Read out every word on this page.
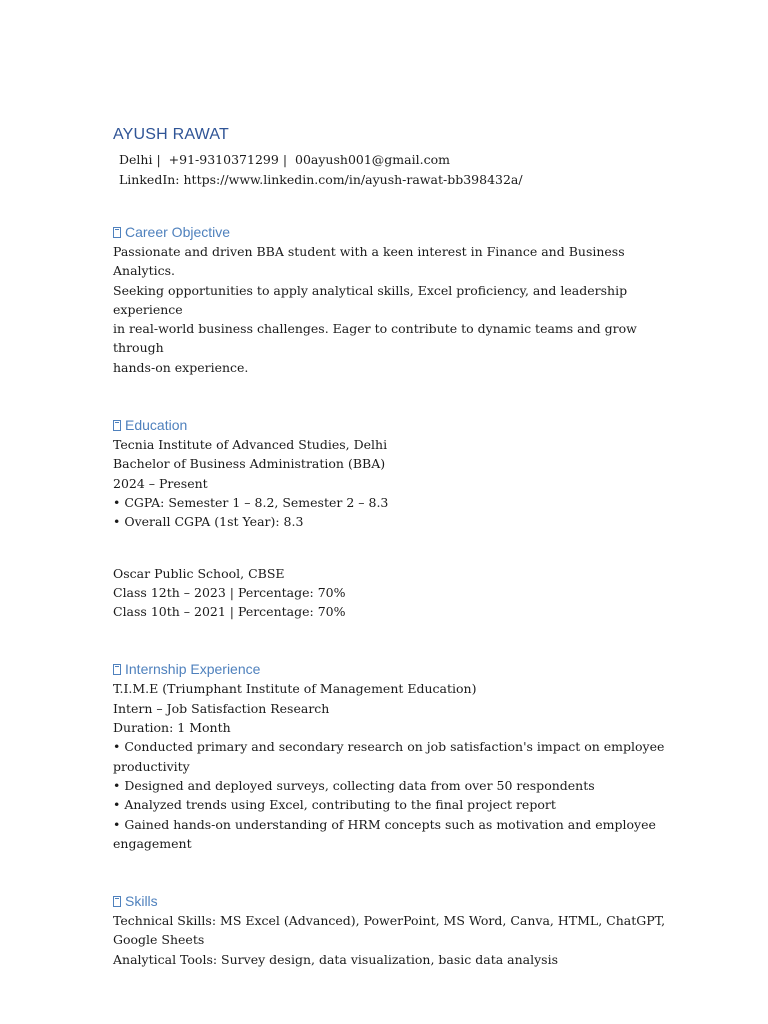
AYUSH RAWAT
Delhi | +91-9310371299 | 00ayush001@gmail.com
LinkedIn: https://www.linkedin.com/in/ayush-rawat-bb398432a/
Career Objective

Passionate and driven BBA student with a keen interest in Finance and Business Analytics.

Seeking opportunities to apply analytical skills, Excel proficiency, and leadership experience

in real-world business challenges. Eager to contribute to dynamic teams and grow through

hands-on experience.

Education

Tecnia Institute of Advanced Studies, Delhi

Bachelor of Business Administration (BBA)

2024 – Present

• CGPA: Semester 1 – 8.2, Semester 2 – 8.3

• Overall CGPA (1st Year): 8.3

Oscar Public School, CBSE

Class 12th – 2023 | Percentage: 70%

Class 10th – 2021 | Percentage: 70%

Internship Experience

T.I.M.E (Triumphant Institute of Management Education)

Intern – Job Satisfaction Research

Duration: 1 Month

• Conducted primary and secondary research on job satisfaction's impact on employee

productivity

• Designed and deployed surveys, collecting data from over 50 respondents

• Analyzed trends using Excel, contributing to the final project report

• Gained hands-on understanding of HRM concepts such as motivation and employee

engagement

Skills

Technical Skills: MS Excel (Advanced), PowerPoint, MS Word, Canva, HTML, ChatGPT,

Google Sheets

Analytical Tools: Survey design, data visualization, basic data analysis
